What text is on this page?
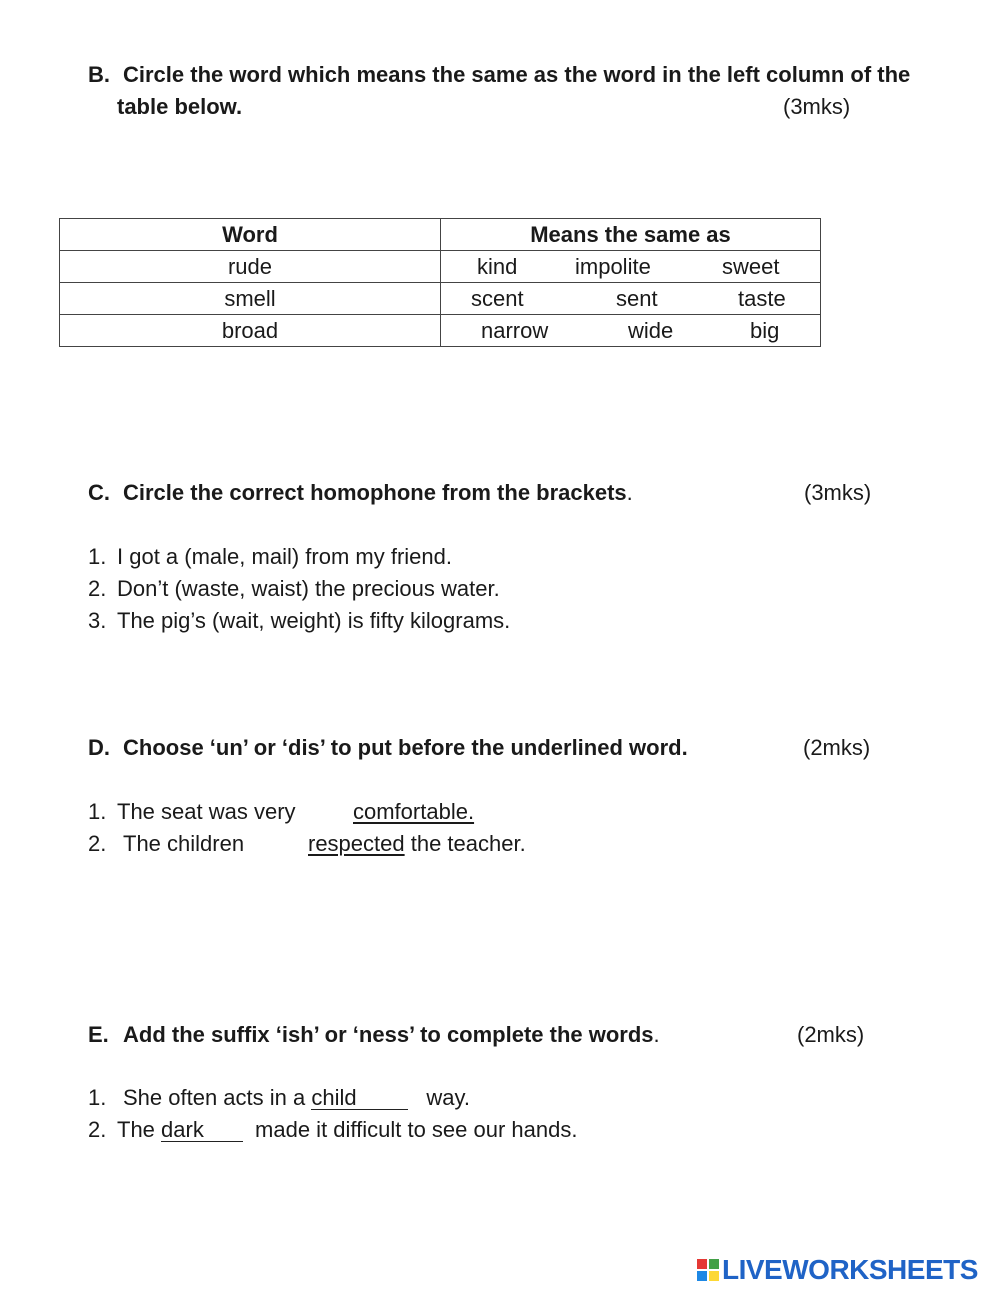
B. Circle the word which means the same as the word in the left column of the
table below.	(3mks)
Word	Means the same as
rude	kind impolite sweet

smell	scent sent taste

broad	narrow wide big
C. Circle the correct homophone from the brackets.	(3mks)
1. I got a (male, mail) from my friend.
2. Don’t (waste, waist) the precious water.
3. The pig’s (wait, weight) is fifty kilograms.
D. Choose ‘un’ or ‘dis’ to put before the underlined word.	(2mks)
1. The seat was very	comfortable.
2. The children	respected the teacher.
E. Add the suffix ‘ish’ or ‘ness’ to complete the words.	(2mks)
1. She often acts in a child	way.
2. The dark made it difficult to see our hands.
LIVEWORKSHEETS
